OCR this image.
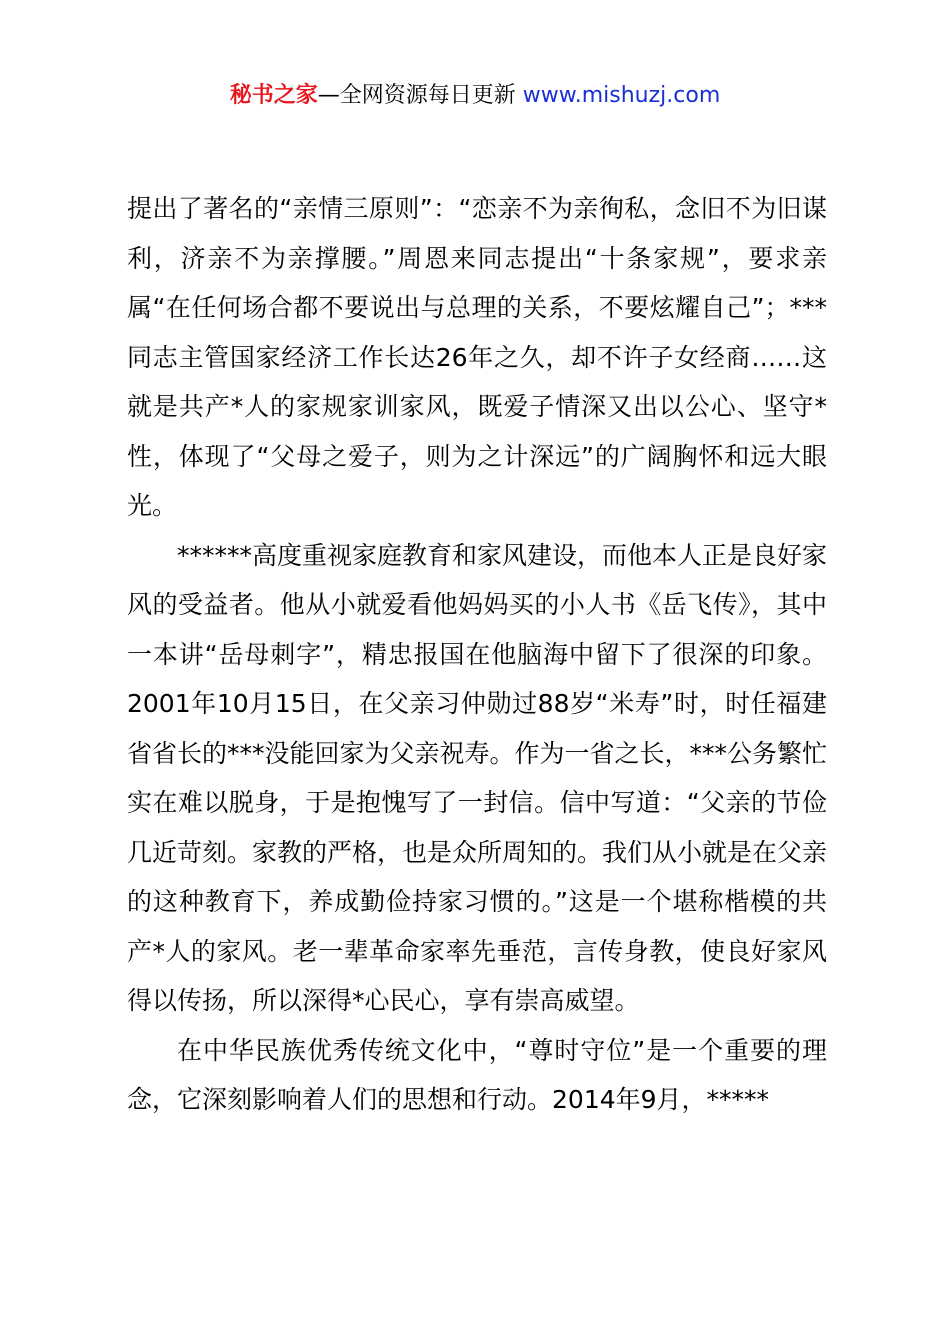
秘书之家—全网资源每日更新 www.mishuzj.com

提出了著名的“亲情三原则”：“恋亲不为亲徇私，念旧不为旧谋利，济亲不为亲撑腰。”周恩来同志提出“十条家规”，要求亲属“在任何场合都不要说出与总理的关系，不要炫耀自己”；***同志主管国家经济工作长达26年之久，却不许子女经商……这就是共产*人的家规家训家风，既爱子情深又出以公心、坚守*性，体现了“父母之爱子，则为之计深远”的广阔胸怀和远大眼光。

******高度重视家庭教育和家风建设，而他本人正是良好家风的受益者。他从小就爱看他妈妈买的小人书《岳飞传》，其中一本讲“岳母刺字”，精忠报国在他脑海中留下了很深的印象。2001年10月15日，在父亲习仲勋过88岁“米寿”时，时任福建省省长的***没能回家为父亲祝寿。作为一省之长，***公务繁忙实在难以脱身，于是抱愧写了一封信。信中写道：“父亲的节俭几近苛刻。家教的严格，也是众所周知的。我们从小就是在父亲的这种教育下，养成勤俭持家习惯的。”这是一个堪称楷模的共产*人的家风。老一辈革命家率先垂范，言传身教，使良好家风得以传扬，所以深得*心民心，享有崇高威望。

在中华民族优秀传统文化中，“尊时守位”是一个重要的理念，它深刻影响着人们的思想和行动。2014年9月，*****
